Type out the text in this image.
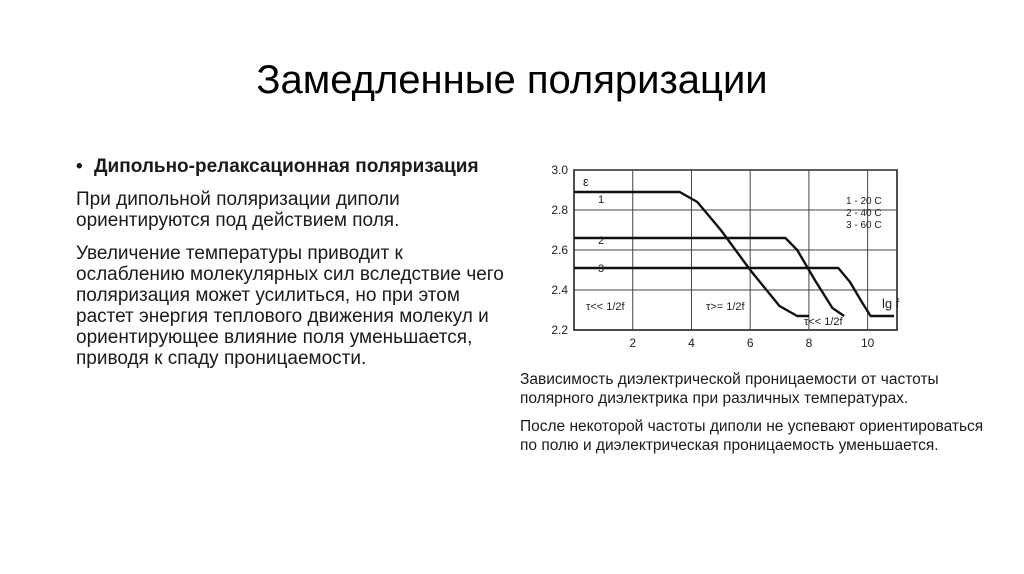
Замедленные поляризации
• Дипольно-релаксационная поляризация
При дипольной поляризации диполи ориентируются под действием поля.
Увеличение температуры приводит к ослаблению молекулярных сил вследствие чего поляризация может усилиться, но при этом растет энергия теплового движения молекул и ориентирующее влияние поля уменьшается, приводя к спаду проницаемости.
3.0
2.8
2.6
2.4
2.2
2	4	6	8	10
ε
lg f
1 - 20 C
2 - 40 C
3 - 60 C
τ<< 1/2f	τ>= 1/2f
τ<< 1/2f
1
2
3

Зависимость диэлектрической проницаемости от частоты полярного диэлектрика при различных температурах.

После некоторой частоты диполи не успевают ориентироваться по полю и диэлектрическая проницаемость уменьшается.
